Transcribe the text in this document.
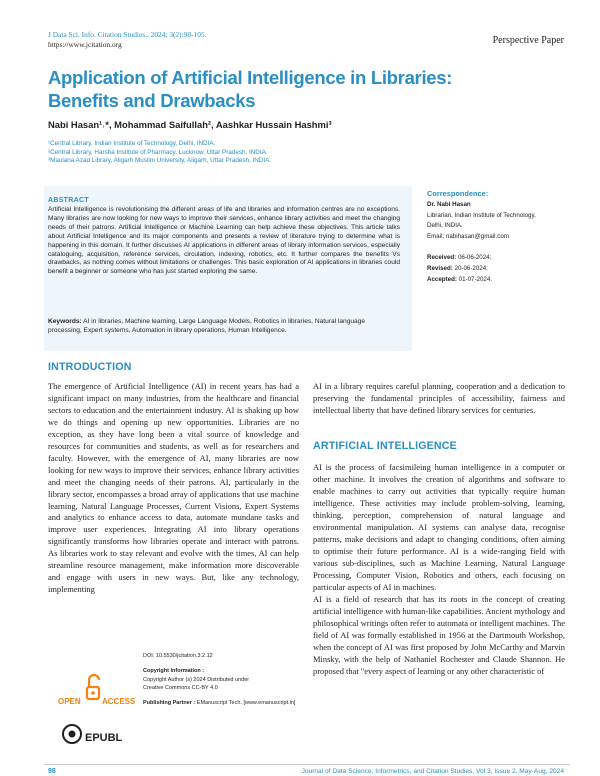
J Data Sci. Info. Citation Studies., 2024; 3(2):98-105.
https://www.jcitation.org	Perspective Paper
Application of Artificial Intelligence in Libraries: Benefits and Drawbacks
Nabi Hasan¹˒*, Mohammad Saifullah², Aashkar Hussain Hashmi³
¹Central Library, Indian Institute of Technology, Delhi, INDIA.
²Central Library, Harsha Institute of Pharmacy, Lucknow, Uttar Pradesh, INDIA.
³Maulana Azad Library, Aligarh Muslim University, Aligarh, Uttar Pradesh, INDIA.
ABSTRACT
Artificial Intelligence is revolutionising the different areas of life and libraries and information centres are no exceptions. Many libraries are now looking for new ways to improve their services, enhance library activities and meet the changing needs of their patrons. Artificial Intelligence or Machine Learning can help achieve these objectives. This article talks about Artificial Intelligence and its major components and presents a review of literature trying to determine what is happening in this domain. It further discusses AI applications in different areas of library information services, especially cataloguing, acquisition, reference services, circulation, indexing, robotics, etc. It further compares the benefits Vs drawbacks, as nothing comes without limitations or challenges. This basic exploration of AI applications in libraries could benefit a beginner or someone who has just started exploring the same.
Keywords: AI in libraries, Machine learning, Large Language Models, Robotics in libraries, Natural language processing, Expert systems, Automation in library operations, Human Intelligence.
Correspondence:
Dr. Nabi Hasan
Librarian, Indian Institute of Technology,
Delhi, INDIA.
Email: nabihasan@gmail.com
Received: 06-06-2024;
Revised: 20-06-2024;
Accepted: 01-07-2024.
INTRODUCTION
The emergence of Artificial Intelligence (AI) in recent years has had a significant impact on many industries, from the healthcare and financial sectors to education and the entertainment industry. AI is shaking up how we do things and opening up new opportunities. Libraries are no exception, as they have long been a vital source of knowledge and resources for communities and students, as well as for researchers and faculty. However, with the emergence of AI, many libraries are now looking for new ways to improve their services, enhance library activities and meet the changing needs of their patrons. AI, particularly in the library sector, encompasses a broad array of applications that use machine learning, Natural Language Processes, Current Visions, Expert Systems and analytics to enhance access to data, automate mundane tasks and improve user experiences. Integrating AI into library operations significantly transforms how libraries operate and interact with patrons. As libraries work to stay relevant and evolve with the times, AI can help streamline resource management, make information more discoverable and engage with users in new ways. But, like any technology, implementing
AI in a library requires careful planning, cooperation and a dedication to preserving the fundamental principles of accessibility, fairness and intellectual liberty that have defined library services for centuries.
ARTIFICIAL INTELLIGENCE
AI is the process of facsimileing human intelligence in a computer or other machine. It involves the creation of algorithms and software to enable machines to carry out activities that typically require human intelligence. These activities may include problem-solving, learning, thinking, perception, comprehension of natural language and environmental manipulation. AI systems can analyse data, recognise patterns, make decisions and adapt to changing conditions, often aiming to optimise their future performance. AI is a wide-ranging field with various sub-disciplines, such as Machine Learning, Natural Language Processing, Computer Vision, Robotics and others, each focusing on particular aspects of AI in machines.
AI is a field of research that has its roots in the concept of creating artificial intelligence with human-like capabilities. Ancient mythology and philosophical writings often refer to automata or intelligent machines. The field of AI was formally established in 1956 at the Dartmouth Workshop, when the concept of AI was first proposed by John McCarthy and Marvin Minsky, with the help of Nathaniel Rochester and Claude Shannon. He proposed that "every aspect of learning or any other characteristic of
OPEN	ACCESS
EPUBL
DOI: 10.5530/jcitation.3.2.12
Copyright Information :
Copyright Author (s) 2024 Distributed under
Creative Commons CC-BY 4.0
Publishing Partner : EManuscript Tech. [www.emanuscript.in]
98	Journal of Data Science, Informetrics, and Citation Studies, Vol 3, Issue 2, May-Aug, 2024
